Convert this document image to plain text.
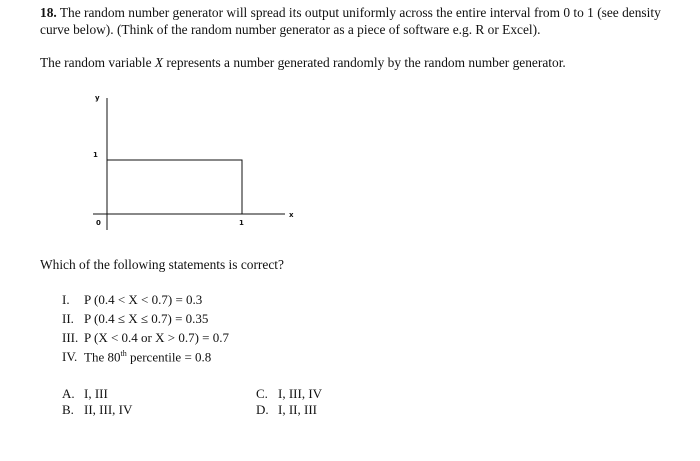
18. The random number generator will spread its output uniformly across the entire interval from 0 to 1 (see density curve below). (Think of the random number generator as a piece of software e.g. R or Excel).
The random variable X represents a number generated randomly by the random number generator.
y
x
0
1
1
Which of the following statements is correct?
I. P (0.4 < X < 0.7) = 0.3
II. P (0.4 ≤ X ≤ 0.7) = 0.35
III. P (X < 0.4 or X > 0.7) = 0.7
IV. The 80th percentile = 0.8
A. I, III
B. II, III, IV
C. I, III, IV
D. I, II, III
